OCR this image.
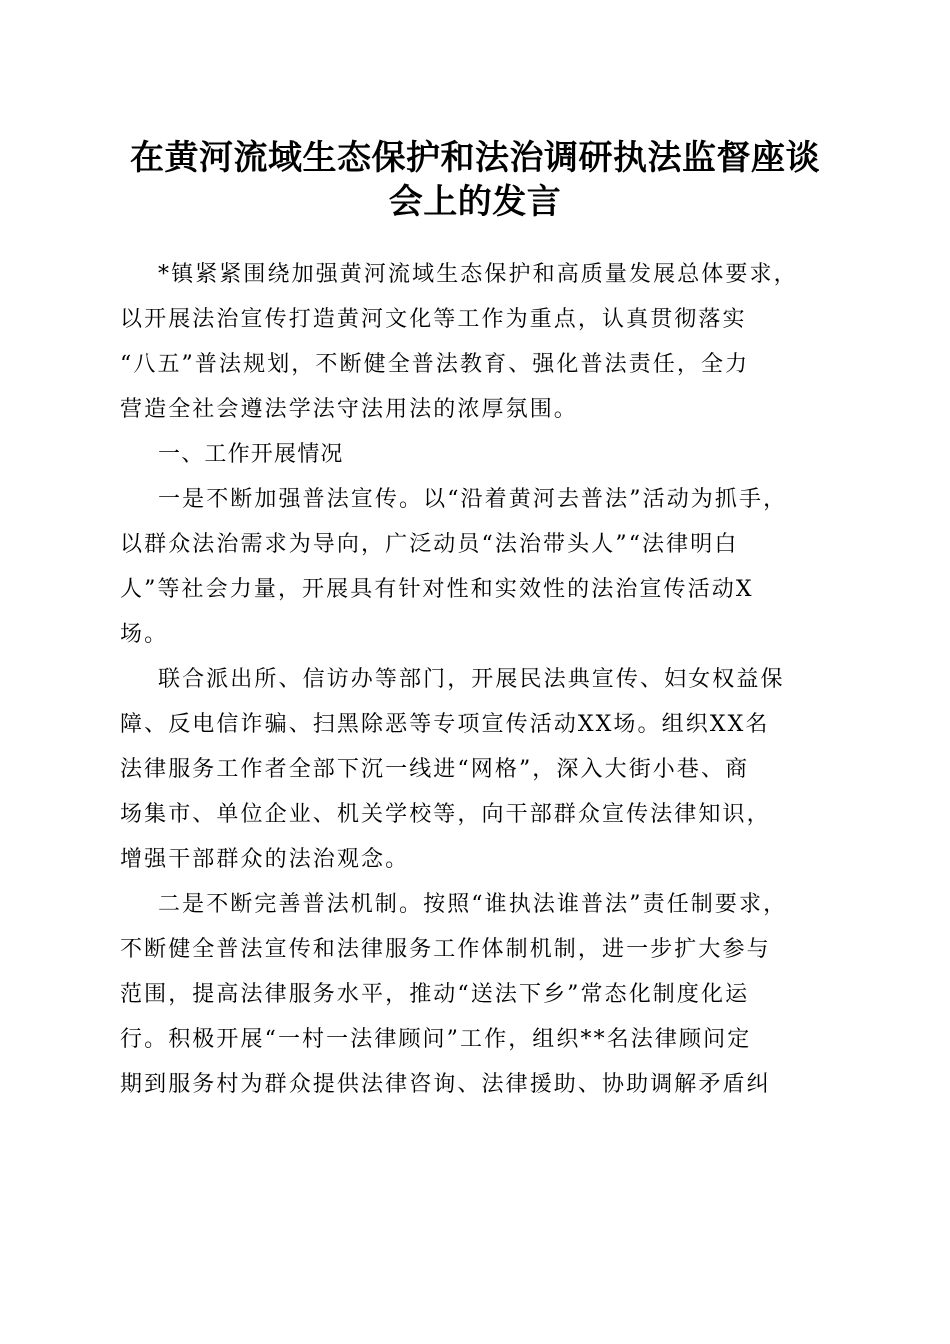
在黄河流域生态保护和法治调研执法监督座谈
会上的发言
*镇紧紧围绕加强黄河流域生态保护和高质量发展总体要求，
以开展法治宣传打造黄河文化等工作为重点，认真贯彻落实
“八五”普法规划，不断健全普法教育、强化普法责任，全力
营造全社会遵法学法守法用法的浓厚氛围。
一、工作开展情况
一是不断加强普法宣传。以“沿着黄河去普法”活动为抓手，
以群众法治需求为导向，广泛动员“法治带头人”“法律明白
人”等社会力量，开展具有针对性和实效性的法治宣传活动X
场。
联合派出所、信访办等部门，开展民法典宣传、妇女权益保
障、反电信诈骗、扫黑除恶等专项宣传活动XX场。组织XX名
法律服务工作者全部下沉一线进“网格”，深入大街小巷、商
场集市、单位企业、机关学校等，向干部群众宣传法律知识，
增强干部群众的法治观念。
二是不断完善普法机制。按照“谁执法谁普法”责任制要求，
不断健全普法宣传和法律服务工作体制机制，进一步扩大参与
范围，提高法律服务水平，推动“送法下乡”常态化制度化运
行。积极开展“一村一法律顾问”工作，组织**名法律顾问定
期到服务村为群众提供法律咨询、法律援助、协助调解矛盾纠
